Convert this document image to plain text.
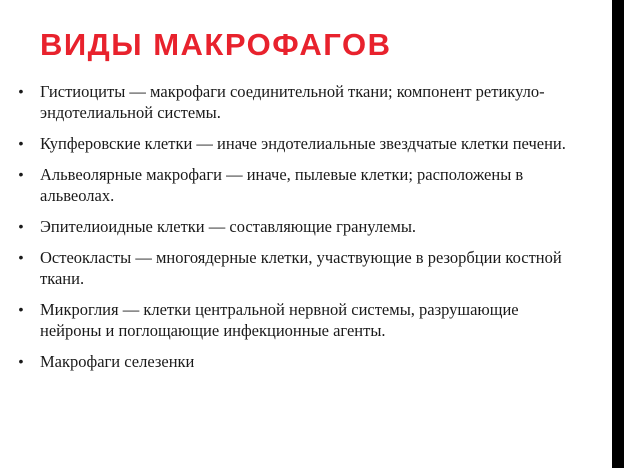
ВИДЫ МАКРОФАГОВ
• Гистиоциты — макрофаги соединительной ткани; компонент ретикуло-эндотелиальной системы.
• Купферовские клетки — иначе эндотелиальные звездчатые клетки печени.
• Альвеолярные макрофаги — иначе, пылевые клетки; расположены в альвеолах.
• Эпителиоидные клетки — составляющие гранулемы.
• Остеокласты — многоядерные клетки, участвующие в резорбции костной ткани.
• Микроглия — клетки центральной нервной системы, разрушающие нейроны и поглощающие инфекционные агенты.
• Макрофаги селезенки
